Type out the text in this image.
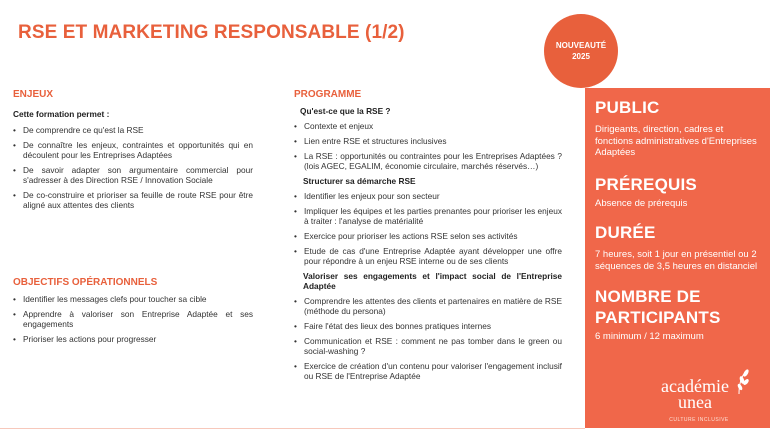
RSE ET MARKETING RESPONSABLE (1/2)
NOUVEAUTÉ
2025
ENJEUX
Cette formation permet :
• De comprendre ce qu'est la RSE
• De connaître les enjeux, contraintes et opportunités qui en découlent pour les Entreprises Adaptées
• De savoir adapter son argumentaire commercial pour s'adresser à des Direction RSE / Innovation Sociale
• De co-construire et prioriser sa feuille de route RSE pour être aligné aux attentes des clients
OBJECTIFS OPÉRATIONNELS
• Identifier les messages clefs pour toucher sa cible
• Apprendre à valoriser son Entreprise Adaptée et ses engagements
• Prioriser les actions pour progresser
PROGRAMME
Qu'est-ce que la RSE ?
• Contexte et enjeux
• Lien entre RSE et structures inclusives
• La RSE : opportunités ou contraintes pour les Entreprises Adaptées ? (lois AGEC, EGALIM, économie circulaire, marchés réservés…)
Structurer sa démarche RSE
• Identifier les enjeux pour son secteur
• Impliquer les équipes et les parties prenantes pour prioriser les enjeux à traiter : l'analyse de matérialité
• Exercice pour prioriser les actions RSE selon ses activités
• Etude de cas d'une Entreprise Adaptée ayant développer une offre pour répondre à un enjeu RSE interne ou de ses clients
Valoriser ses engagements et l'impact social de l'Entreprise Adaptée
• Comprendre les attentes des clients et partenaires en matière de RSE (méthode du persona)
• Faire l'état des lieux des bonnes pratiques internes
• Communication et RSE : comment ne pas tomber dans le green ou social-washing ?
• Exercice de création d'un contenu pour valoriser l'engagement inclusif ou RSE de l'Entreprise Adaptée
PUBLIC
Dirigeants, direction, cadres et fonctions administratives d'Entreprises Adaptées
PRÉREQUIS
Absence de prérequis
DURÉE
7 heures, soit 1 jour en présentiel ou 2 séquences de 3,5 heures en distanciel
NOMBRE DE PARTICIPANTS
6 minimum / 12 maximum
académie unea
CULTURE INCLUSIVE
